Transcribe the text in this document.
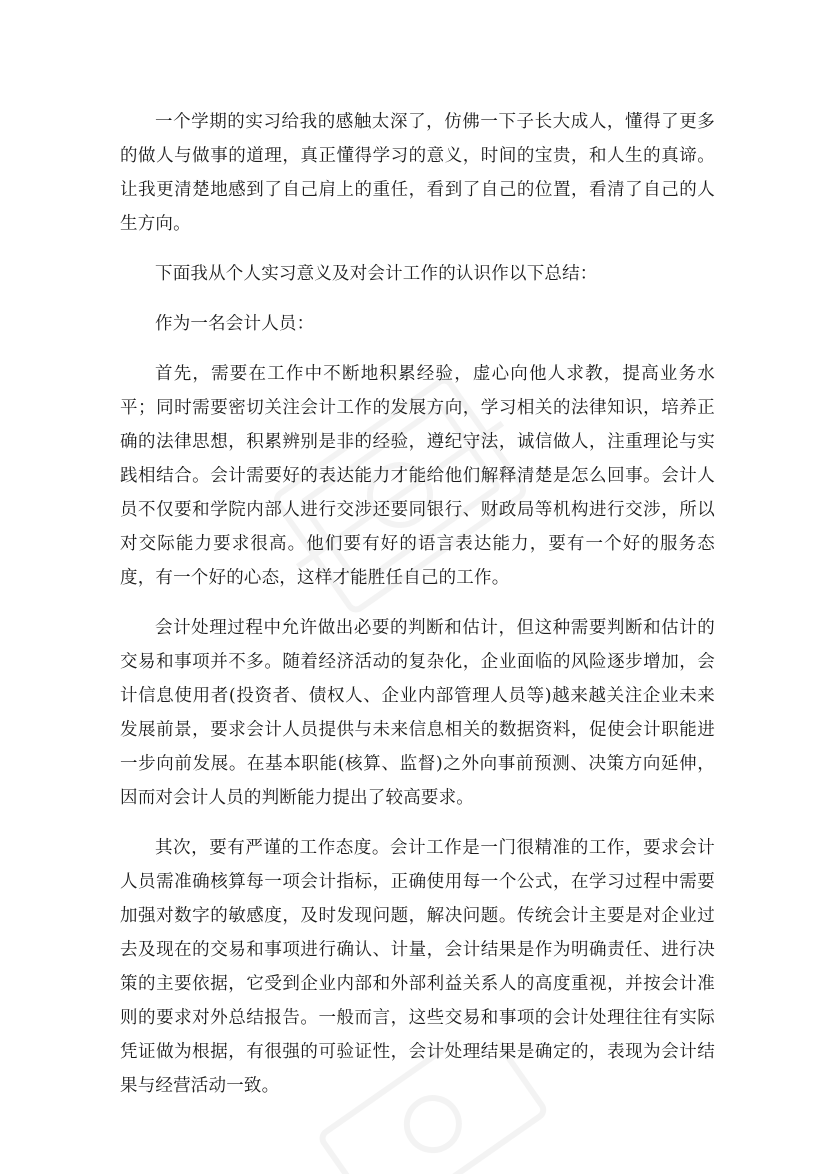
一个学期的实习给我的感触太深了，仿佛一下子长大成人，懂得了更多的做人与做事的道理，真正懂得学习的意义，时间的宝贵，和人生的真谛。让我更清楚地感到了自己肩上的重任，看到了自己的位置，看清了自己的人生方向。

下面我从个人实习意义及对会计工作的认识作以下总结：

作为一名会计人员：

首先，需要在工作中不断地积累经验，虚心向他人求教，提高业务水平；同时需要密切关注会计工作的发展方向，学习相关的法律知识，培养正确的法律思想，积累辨别是非的经验，遵纪守法，诚信做人，注重理论与实践相结合。会计需要好的表达能力才能给他们解释清楚是怎么回事。会计人员不仅要和学院内部人进行交涉还要同银行、财政局等机构进行交涉，所以对交际能力要求很高。他们要有好的语言表达能力，要有一个好的服务态度，有一个好的心态，这样才能胜任自己的工作。

会计处理过程中允许做出必要的判断和估计，但这种需要判断和估计的交易和事项并不多。随着经济活动的复杂化，企业面临的风险逐步增加，会计信息使用者(投资者、债权人、企业内部管理人员等)越来越关注企业未来发展前景，要求会计人员提供与未来信息相关的数据资料，促使会计职能进一步向前发展。在基本职能(核算、监督)之外向事前预测、决策方向延伸，因而对会计人员的判断能力提出了较高要求。

其次，要有严谨的工作态度。会计工作是一门很精准的工作，要求会计人员需准确核算每一项会计指标，正确使用每一个公式，在学习过程中需要加强对数字的敏感度，及时发现问题，解决问题。传统会计主要是对企业过去及现在的交易和事项进行确认、计量，会计结果是作为明确责任、进行决策的主要依据，它受到企业内部和外部利益关系人的高度重视，并按会计准则的要求对外总结报告。一般而言，这些交易和事项的会计处理往往有实际凭证做为根据，有很强的可验证性，会计处理结果是确定的，表现为会计结果与经营活动一致。
